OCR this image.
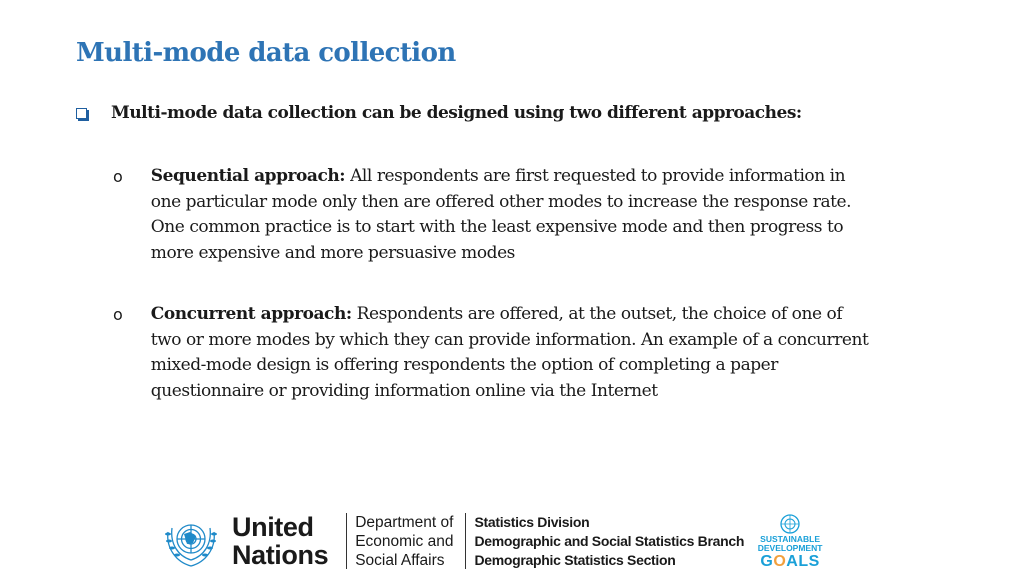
Multi-mode data collection
Multi-mode data collection can be designed using two different approaches:
o Sequential approach: All respondents are first requested to provide information in one particular mode only then are offered other modes to increase the response rate. One common practice is to start with the least expensive mode and then progress to more expensive and more persuasive modes
o Concurrent approach: Respondents are offered, at the outset, the choice of one of two or more modes by which they can provide information. An example of a concurrent mixed-mode design is offering respondents the option of completing a paper questionnaire or providing information online via the Internet
United
Nations
Department of
Economic and
Social Affairs
Statistics Division
Demographic and Social Statistics Branch
Demographic Statistics Section
SUSTAINABLE
DEVELOPMENT
GOALS
